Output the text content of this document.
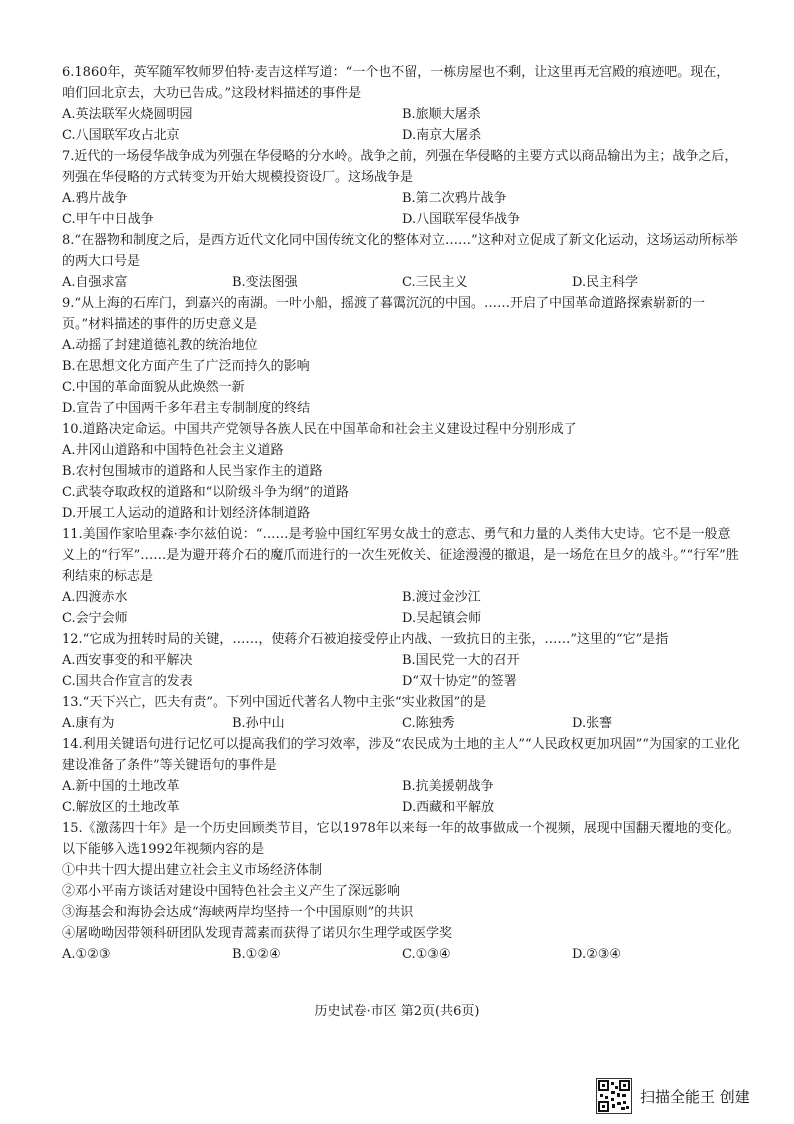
6.1860年，英军随军牧师罗伯特·麦吉这样写道：“一个也不留，一栋房屋也不剩，让这里再无宫殿的痕迹吧。现在，咱们回北京去，大功已告成。”这段材料描述的事件是

A.英法联军火烧圆明园	B.旅顺大屠杀
C.八国联军攻占北京	D.南京大屠杀

7.近代的一场侵华战争成为列强在华侵略的分水岭。战争之前，列强在华侵略的主要方式以商品输出为主；战争之后，列强在华侵略的方式转变为开始大规模投资设厂。这场战争是

A.鸦片战争	B.第二次鸦片战争
C.甲午中日战争	D.八国联军侵华战争

8.“在器物和制度之后，是西方近代文化同中国传统文化的整体对立……”这种对立促成了新文化运动，这场运动所标举的两大口号是

A.自强求富	B.变法图强	C.三民主义	D.民主科学

9.“从上海的石库门，到嘉兴的南湖。一叶小船，摇渡了暮霭沉沉的中国。……开启了中国革命道路探索崭新的一页。”材料描述的事件的历史意义是

A.动摇了封建道德礼教的统治地位
B.在思想文化方面产生了广泛而持久的影响
C.中国的革命面貌从此焕然一新
D.宣告了中国两千多年君主专制制度的终结

10.道路决定命运。中国共产党领导各族人民在中国革命和社会主义建设过程中分别形成了

A.井冈山道路和中国特色社会主义道路
B.农村包围城市的道路和人民当家作主的道路
C.武装夺取政权的道路和“以阶级斗争为纲”的道路
D.开展工人运动的道路和计划经济体制道路

11.美国作家哈里森·李尔兹伯说：“……是考验中国红军男女战士的意志、勇气和力量的人类伟大史诗。它不是一般意义上的“行军”……是为避开蒋介石的魔爪而进行的一次生死攸关、征途漫漫的撤退，是一场危在旦夕的战斗。”“行军”胜利结束的标志是

A.四渡赤水	B.渡过金沙江
C.会宁会师	D.吴起镇会师

12.“它成为扭转时局的关键，……，使蒋介石被迫接受停止内战、一致抗日的主张，……”这里的“它”是指

A.西安事变的和平解决	B.国民党一大的召开
C.国共合作宣言的发表	D“双十协定”的签署

13.“天下兴亡，匹夫有责”。下列中国近代著名人物中主张“实业救国”的是

A.康有为	B.孙中山	C.陈独秀	D.张謇

14.利用关键语句进行记忆可以提高我们的学习效率，涉及“农民成为土地的主人”“人民政权更加巩固”“为国家的工业化建设准备了条件”等关键语句的事件是

A.新中国的土地改革	B.抗美援朝战争
C.解放区的土地改革	D.西藏和平解放

15.《激荡四十年》是一个历史回顾类节目，它以1978年以来每一年的故事做成一个视频，展现中国翻天覆地的变化。以下能够入选1992年视频内容的是

①中共十四大提出建立社会主义市场经济体制
②邓小平南方谈话对建设中国特色社会主义产生了深远影响
③海基会和海协会达成“海峡两岸均坚持一个中国原则”的共识
④屠呦呦因带领科研团队发现青蒿素而获得了诺贝尔生理学或医学奖
A.①②③	B.①②④	C.①③④	D.②③④
历史试卷·市区 第2页(共6页)
扫描全能王 创建
